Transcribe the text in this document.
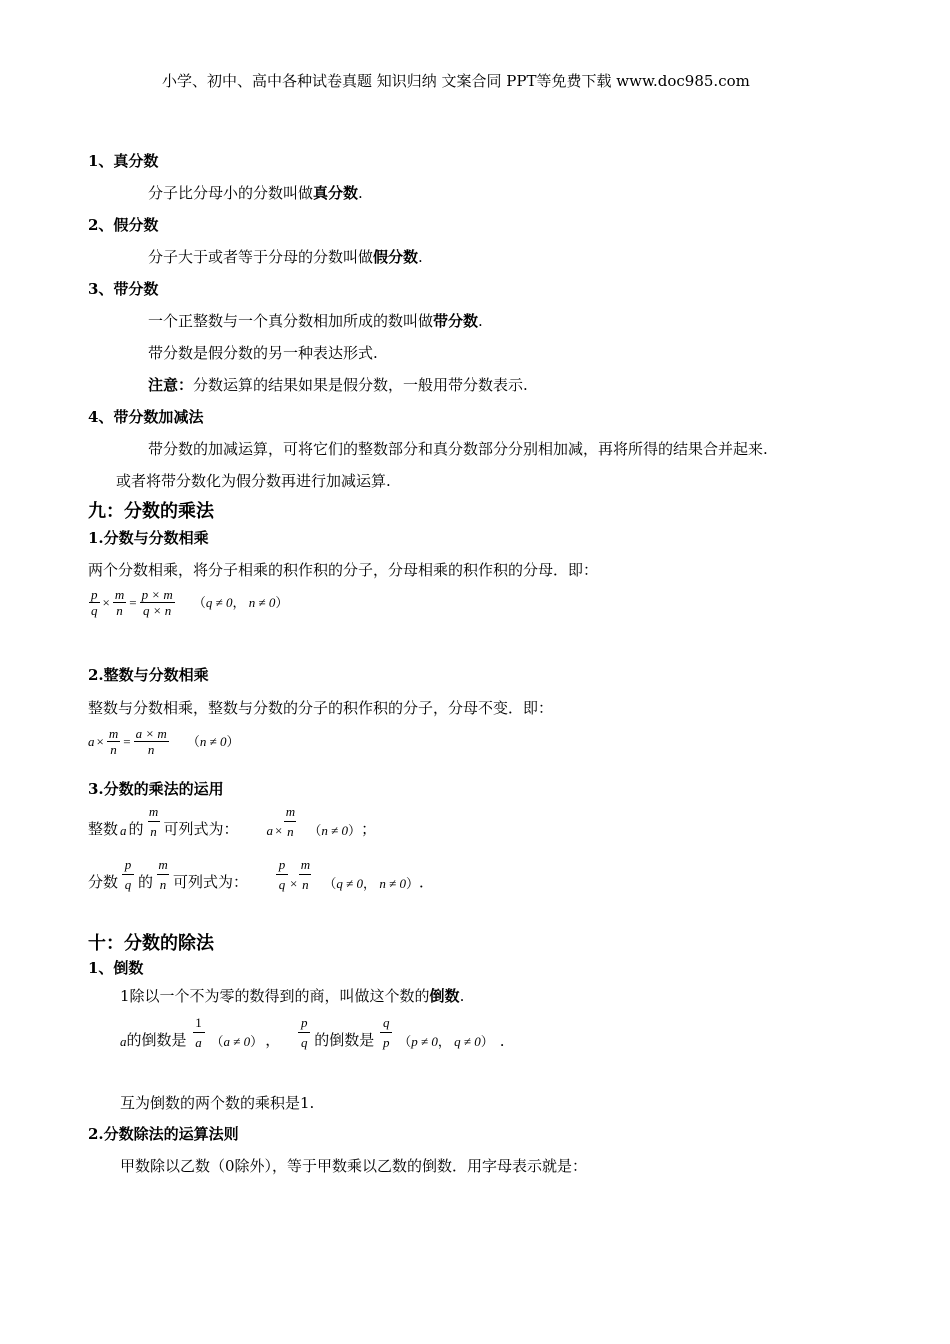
小学、初中、高中各种试卷真题 知识归纳 文案合同 PPT等免费下载 www.doc985.com
1、真分数
分子比分母小的分数叫做真分数.
2、假分数
分子大于或者等于分母的分数叫做假分数.
3、带分数
一个正整数与一个真分数相加所成的数叫做带分数.
带分数是假分数的另一种表达形式.
注意：分数运算的结果如果是假分数，一般用带分数表示.
4、带分数加减法
带分数的加减运算，可将它们的整数部分和真分数部分分别相加减，再将所得的结果合并起来.
或者将带分数化为假分数再进行加减运算.
九：分数的乘法
1.分数与分数相乘
两个分数相乘，将分子相乘的积作积的分子，分母相乘的积作积的分母．即：
$\frac{p}{q} \times \frac{m}{n} = \frac{p \times m}{q \times n} (q \ne 0$， n ≠ 0）
2.整数与分数相乘
整数与分数相乘，整数与分数的分子的积作积的分子，分母不变．即：
$a \times \frac{m}{n} = \frac{a \times m}{n} (n \ne 0)$
3.分数的乘法的运用
整数 a 的
m
n 可列式为： a ×
m
n （n ≠ 0） ；
分数
p
q 的
m
n 可列式为：
p
q ×
m
n （q ≠ 0， n ≠ 0） ．
十：分数的除法
1、倒数
1除以一个不为零的数得到的商，叫做这个数的倒数.
a 的倒数是
1
a （a ≠ 0） ，
p
q 的倒数是
q
p （p ≠ 0， q ≠ 0） .
互为倒数的两个数的乘积是1.
2.分数除法的运算法则
甲数除以乙数（0除外），等于甲数乘以乙数的倒数．用字母表示就是：
